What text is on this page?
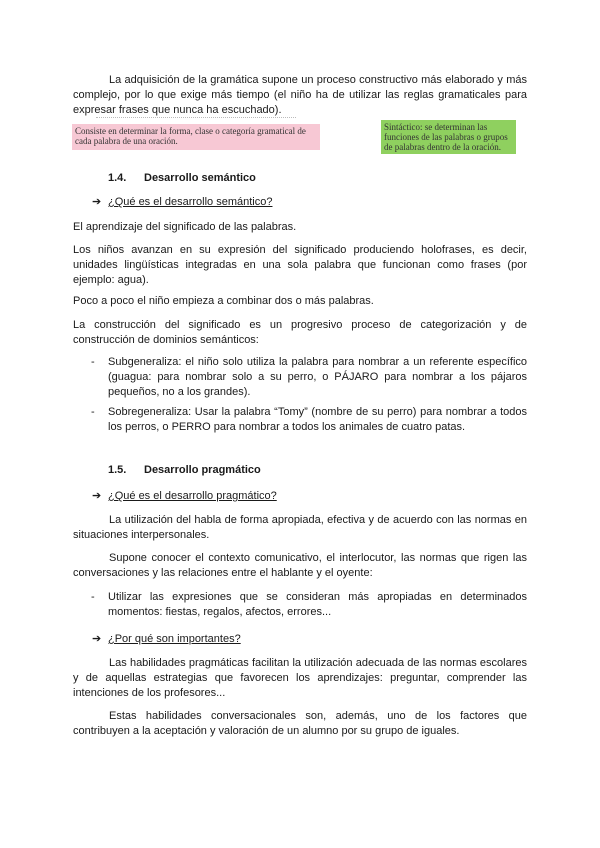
La adquisición de la gramática supone un proceso constructivo más elaborado y más complejo, por lo que exige más tiempo (el niño ha de utilizar las reglas gramaticales para expresar frases que nunca ha escuchado).

Consiste en determinar la forma, clase o categoría gramatical de cada palabra de una oración.
Sintáctico: se determinan las funciones de las palabras o grupos de palabras dentro de la oración.
1.4. Desarrollo semántico
➔ ¿Qué es el desarrollo semántico?

El aprendizaje del significado de las palabras.

Los niños avanzan en su expresión del significado produciendo holofrases, es decir, unidades lingüísticas integradas en una sola palabra que funcionan como frases (por ejemplo: agua).

Poco a poco el niño empieza a combinar dos o más palabras.

La construcción del significado es un progresivo proceso de categorización y de construcción de dominios semánticos:

- Subgeneraliza: el niño solo utiliza la palabra para nombrar a un referente específico (guagua: para nombrar solo a su perro, o PÁJARO para nombrar a los pájaros pequeños, no a los grandes).

- Sobregeneraliza: Usar la palabra “Tomy” (nombre de su perro) para nombrar a todos los perros, o PERRO para nombrar a todos los animales de cuatro patas.

1.5. Desarrollo pragmático
➔ ¿Qué es el desarrollo pragmático?

La utilización del habla de forma apropiada, efectiva y de acuerdo con las normas en situaciones interpersonales.

Supone conocer el contexto comunicativo, el interlocutor, las normas que rigen las conversaciones y las relaciones entre el hablante y el oyente:

- Utilizar las expresiones que se consideran más apropiadas en determinados momentos: fiestas, regalos, afectos, errores...

➔ ¿Por qué son importantes?

Las habilidades pragmáticas facilitan la utilización adecuada de las normas escolares y de aquellas estrategias que favorecen los aprendizajes: preguntar, comprender las intenciones de los profesores...

Estas habilidades conversacionales son, además, uno de los factores que contribuyen a la aceptación y valoración de un alumno por su grupo de iguales.
